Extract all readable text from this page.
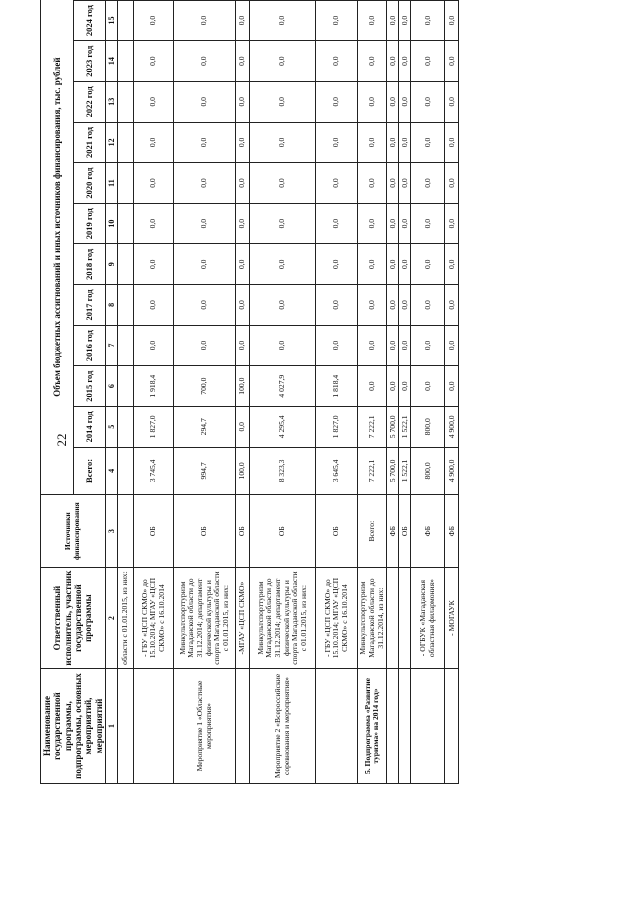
22
Наименование государственной программы, подпрограммы, основных мероприятий, мероприятий	Ответственный исполнитель, участник государственной программы	Источники финансирования	Объем бюджетных ассигнований и иных источников финансирования, тыс. рублей												
			Всего:	2014 год	2015 год	2016 год	2017 год	2018 год	2019 год	2020 год	2021 год	2022 год	2023 год	2024 год	
1	2	3	4	5	6	7	8	9	10	11	12	13	14	15	
	области с 01.01.2015, из них:														
	- ГБУ «ЦСП СКМО» до 15.10.2014; МГАУ «ЦСП СКМО» с 16.10.2014	ОБ	3 745,4	1 827,0	1 918,4	0,0	0,0	0,0	0,0	0,0	0,0	0,0	0,0	0,0	
Мероприятие 1 «Областные мероприятия»	Минкультспорттуризм Магаданской области до 31.12.2014; департамент физической культуры и спорта Магаданской области с 01.01.2015, из них:	ОБ	994,7	294,7	700,0	0,0	0,0	0,0	0,0	0,0	0,0	0,0	0,0	0,0	
	-МГАУ «ЦСП СКМО»	ОБ	100,0	0,0	100,0	0,0	0,0	0,0	0,0	0,0	0,0	0,0	0,0	0,0	
Мероприятие 2 «Всероссийские соревнования и мероприятия»	Минкультспорттуризм Магаданской области до 31.12.2014; департамент физической культуры и спорта Магаданской области с 01.01.2015, из них:	ОБ	8 323,3	4 295,4	4 027,9	0,0	0,0	0,0	0,0	0,0	0,0	0,0	0,0	0,0	
	- ГБУ «ЦСП СКМО» до 15.10.2014; МГАУ «ЦСП СКМО» с 16.10.2014	ОБ	3 645,4	1 827,0	1 818,4	0,0	0,0	0,0	0,0	0,0	0,0	0,0	0,0	0,0	
5. Подпрограмма «Развитие туризма» на 2014 год»	Минкультспорттуризм Магаданской области до 31.12.2014, из них:	Всего:	7 222,1	7 222,1	0,0	0,0	0,0	0,0	0,0	0,0	0,0	0,0	0,0	0,0	
		ФБ	5 700,0	5 700,0	0,0	0,0	0,0	0,0	0,0	0,0	0,0	0,0	0,0	0,0	
		ОБ	1 522,1	1 522,1	0,0	0,0	0,0	0,0	0,0	0,0	0,0	0,0	0,0	0,0	
	- ОГБУК «Магаданская областная филармония»	ФБ	800,0	800,0	0,0	0,0	0,0	0,0	0,0	0,0	0,0	0,0	0,0	0,0	
	- МОГАУК	ФБ	4 900,0	4 900,0	0,0	0,0	0,0	0,0	0,0	0,0	0,0	0,0	0,0	0,0	
